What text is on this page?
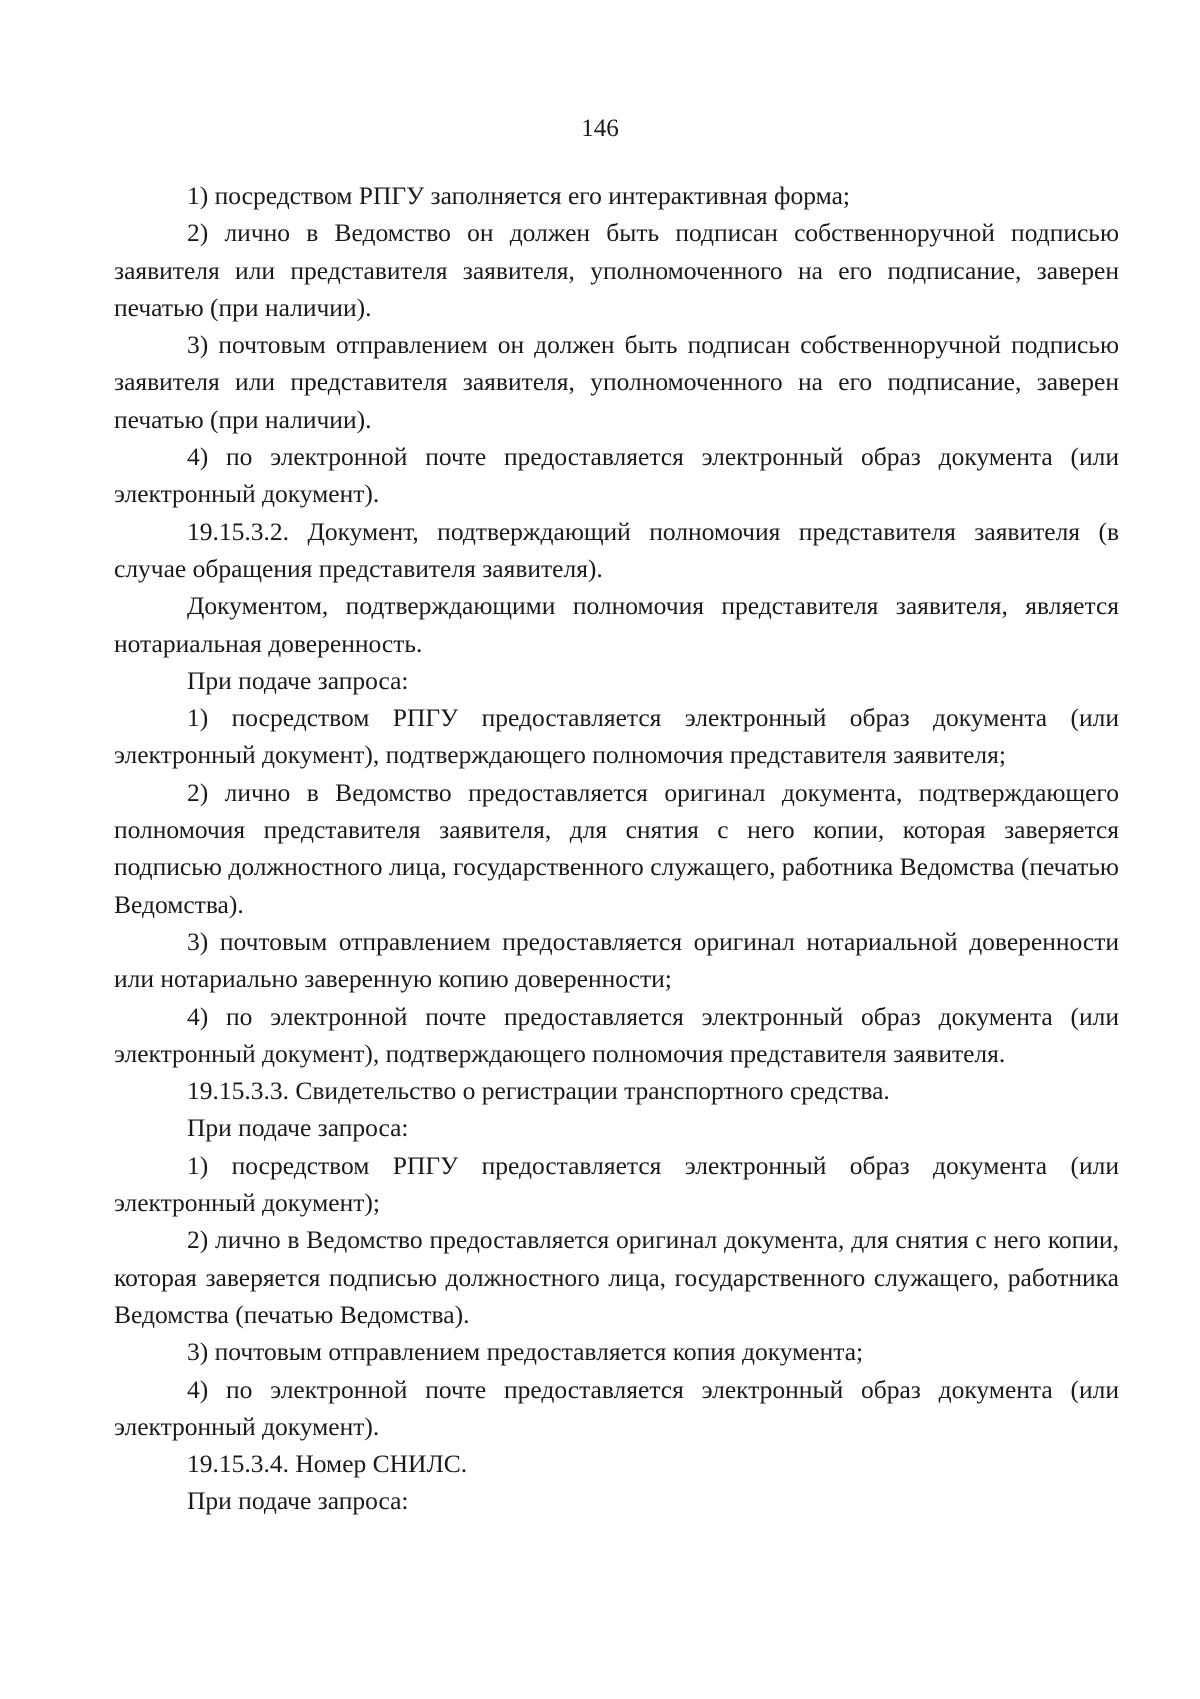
146

1) посредством РПГУ заполняется его интерактивная форма;

2) лично в Ведомство он должен быть подписан собственноручной подписью заявителя или представителя заявителя, уполномоченного на его подписание, заверен печатью (при наличии).

3) почтовым отправлением он должен быть подписан собственноручной подписью заявителя или представителя заявителя, уполномоченного на его подписание, заверен печатью (при наличии).

4) по электронной почте предоставляется электронный образ документа (или электронный документ).

19.15.3.2. Документ, подтверждающий полномочия представителя заявителя (в случае обращения представителя заявителя).

Документом, подтверждающими полномочия представителя заявителя, является нотариальная доверенность.

При подаче запроса:

1) посредством РПГУ предоставляется электронный образ документа (или электронный документ), подтверждающего полномочия представителя заявителя;

2) лично в Ведомство предоставляется оригинал документа, подтверждающего полномочия представителя заявителя, для снятия с него копии, которая заверяется подписью должностного лица, государственного служащего, работника Ведомства (печатью Ведомства).

3) почтовым отправлением предоставляется оригинал нотариальной доверенности или нотариально заверенную копию доверенности;

4) по электронной почте предоставляется электронный образ документа (или электронный документ), подтверждающего полномочия представителя заявителя.

19.15.3.3. Свидетельство о регистрации транспортного средства.

При подаче запроса:

1) посредством РПГУ предоставляется электронный образ документа (или электронный документ);

2) лично в Ведомство предоставляется оригинал документа, для снятия с него копии, которая заверяется подписью должностного лица, государственного служащего, работника Ведомства (печатью Ведомства).

3) почтовым отправлением предоставляется копия документа;

4) по электронной почте предоставляется электронный образ документа (или электронный документ).

19.15.3.4. Номер СНИЛС.

При подаче запроса:
